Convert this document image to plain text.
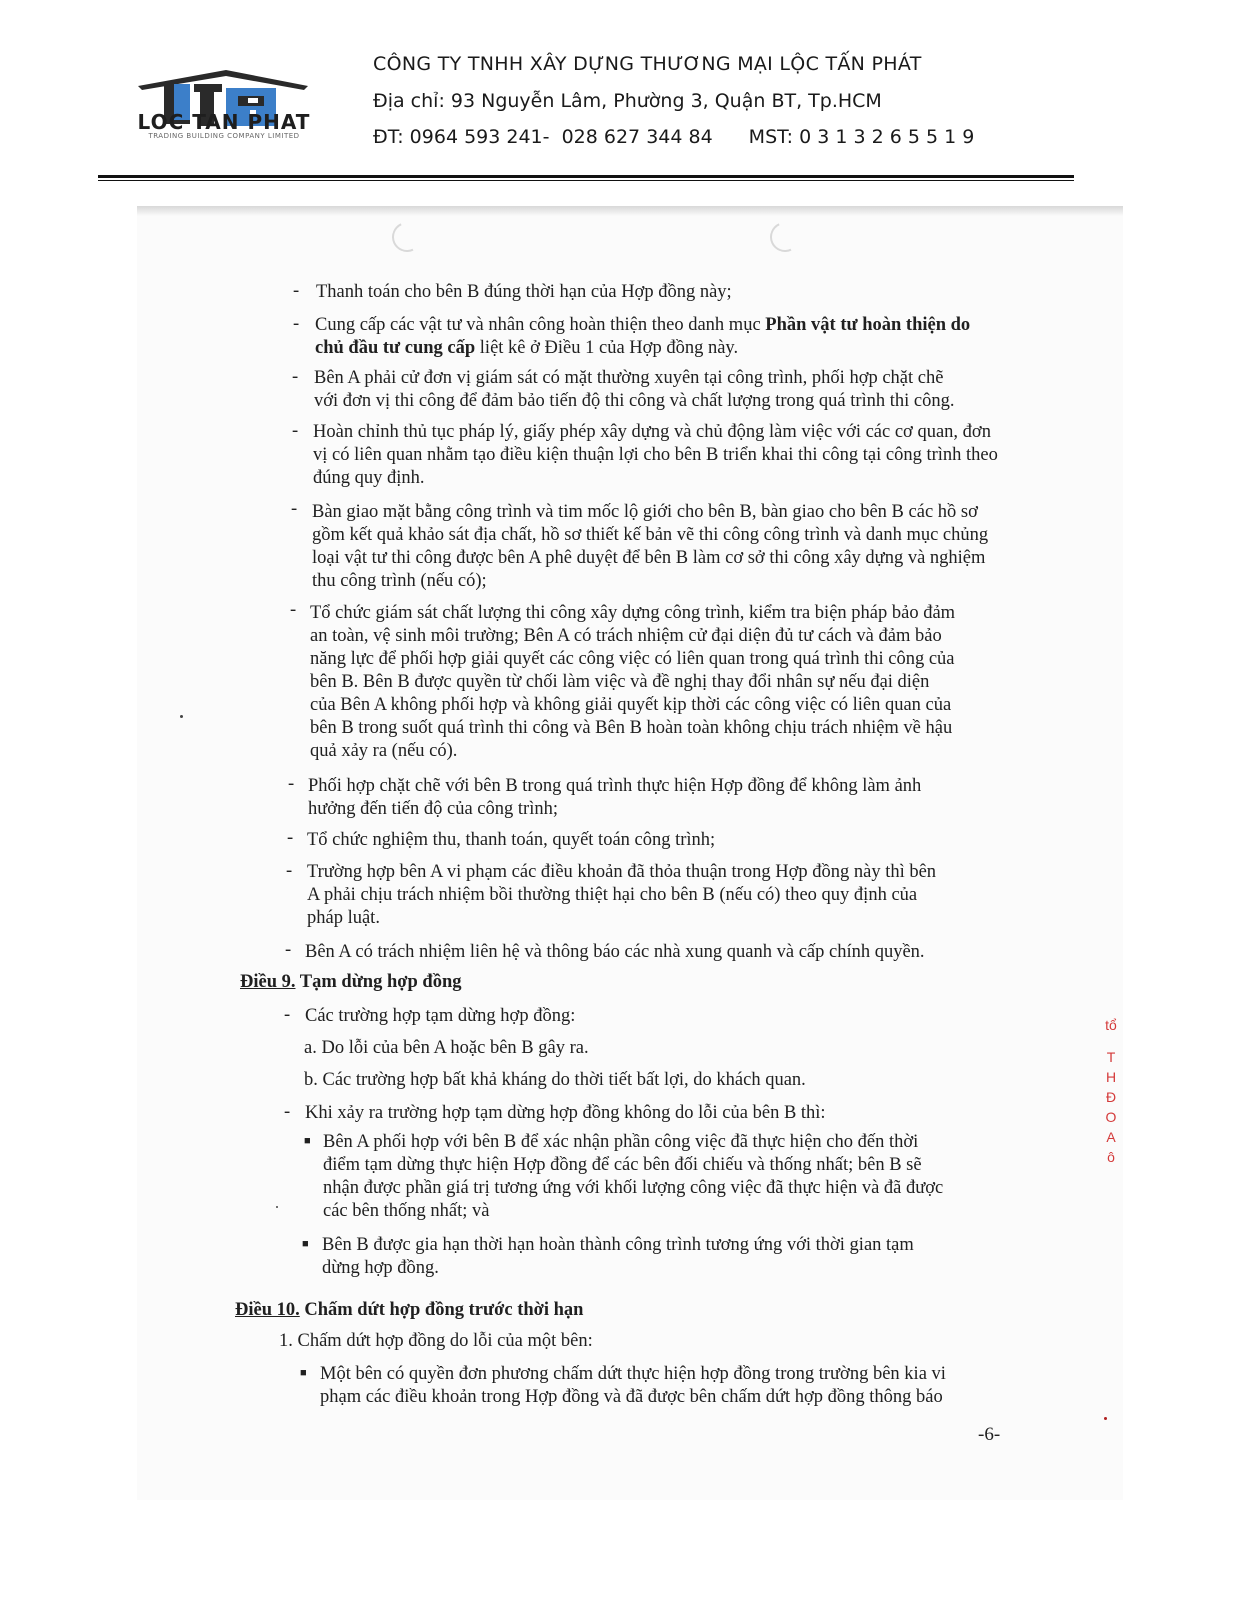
LOC TAN PHAT
TRADING BUILDING COMPANY LIMITED
CÔNG TY TNHH XÂY DỰNG THƯƠNG MẠI LỘC TẤN PHÁT
Địa chỉ: 93 Nguyễn Lâm, Phường 3, Quận BT, Tp.HCM
ĐT: 0964 593 241-  028 627 344 84 MST: 0 3 1 3 2 6 5 5 1 9
- Thanh toán cho bên B đúng thời hạn của Hợp đồng này;
- Cung cấp các vật tư và nhân công hoàn thiện theo danh mục Phần vật tư hoàn thiện do
chủ đầu tư cung cấp liệt kê ở Điều 1 của Hợp đồng này.
- Bên A phải cử đơn vị giám sát có mặt thường xuyên tại công trình, phối hợp chặt chẽ
với đơn vị thi công để đảm bảo tiến độ thi công và chất lượng trong quá trình thi công.
- Hoàn chỉnh thủ tục pháp lý, giấy phép xây dựng và chủ động làm việc với các cơ quan, đơn
vị có liên quan nhằm tạo điều kiện thuận lợi cho bên B triển khai thi công tại công trình theo
đúng quy định.
- Bàn giao mặt bằng công trình và tim mốc lộ giới cho bên B, bàn giao cho bên B các hồ sơ
gồm kết quả khảo sát địa chất, hồ sơ thiết kế bản vẽ thi công công trình và danh mục chủng
loại vật tư thi công được bên A phê duyệt để bên B làm cơ sở thi công xây dựng và nghiệm
thu công trình (nếu có);
- Tổ chức giám sát chất lượng thi công xây dựng công trình, kiểm tra biện pháp bảo đảm
an toàn, vệ sinh môi trường; Bên A có trách nhiệm cử đại diện đủ tư cách và đảm bảo
năng lực để phối hợp giải quyết các công việc có liên quan trong quá trình thi công của
bên B. Bên B được quyền từ chối làm việc và đề nghị thay đổi nhân sự nếu đại diện
của Bên A không phối hợp và không giải quyết kịp thời các công việc có liên quan của
bên B trong suốt quá trình thi công và Bên B hoàn toàn không chịu trách nhiệm về hậu
quả xảy ra (nếu có).
- Phối hợp chặt chẽ với bên B trong quá trình thực hiện Hợp đồng để không làm ảnh
hưởng đến tiến độ của công trình;
- Tổ chức nghiệm thu, thanh toán, quyết toán công trình;
- Trường hợp bên A vi phạm các điều khoản đã thỏa thuận trong Hợp đồng này thì bên
A phải chịu trách nhiệm bồi thường thiệt hại cho bên B (nếu có) theo quy định của
pháp luật.
- Bên A có trách nhiệm liên hệ và thông báo các nhà xung quanh và cấp chính quyền.
Điều 9. Tạm dừng hợp đồng
- Các trường hợp tạm dừng hợp đồng:
a. Do lỗi của bên A hoặc bên B gây ra.
b. Các trường hợp bất khả kháng do thời tiết bất lợi, do khách quan.
- Khi xảy ra trường hợp tạm dừng hợp đồng không do lỗi của bên B thì:
■ Bên A phối hợp với bên B để xác nhận phần công việc đã thực hiện cho đến thời
điểm tạm dừng thực hiện Hợp đồng để các bên đối chiếu và thống nhất; bên B sẽ
nhận được phần giá trị tương ứng với khối lượng công việc đã thực hiện và đã được
các bên thống nhất; và
■ Bên B được gia hạn thời hạn hoàn thành công trình tương ứng với thời gian tạm
dừng hợp đồng.
Điều 10. Chấm dứt hợp đồng trước thời hạn
1. Chấm dứt hợp đồng do lỗi của một bên:
■ Một bên có quyền đơn phương chấm dứt thực hiện hợp đồng trong trường bên kia vi
phạm các điều khoản trong Hợp đồng và đã được bên chấm dứt hợp đồng thông báo
-6-
tổ
T
H
Ð
O
A
ô
